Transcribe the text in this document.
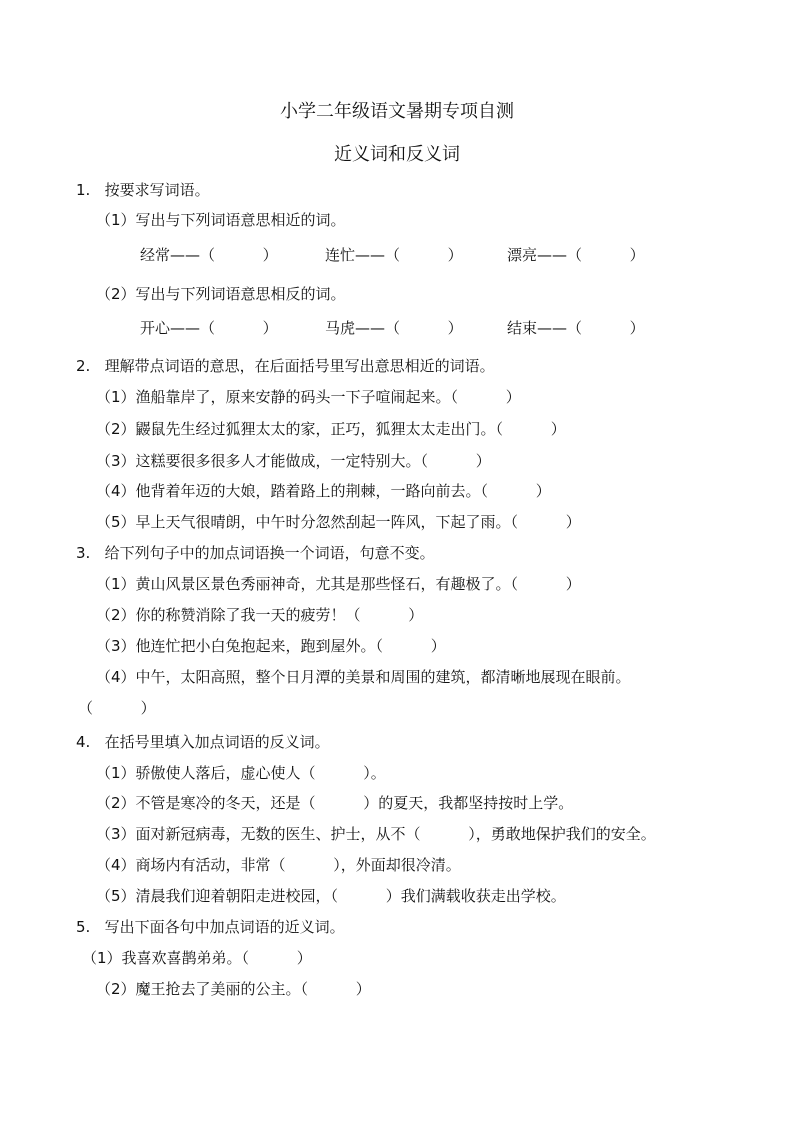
小学二年级语文暑期专项自测
近义词和反义词
1.   按要求写词语。
（1）写出与下列词语意思相近的词。
经常——（          ）	连忙——（          ）	漂亮——（          ）
（2）写出与下列词语意思相反的词。
开心——（          ）	马虎——（          ）	结束——（          ）
2.   理解带点词语的意思，在后面括号里写出意思相近的词语。
（1）渔船靠岸了，原来安静的码头一下子喧闹起来。（          ）
（2）鼹鼠先生经过狐狸太太的家，正巧，狐狸太太走出门。（          ）
（3）这糕要很多很多人才能做成，一定特别大。（          ）
（4）他背着年迈的大娘，踏着路上的荆棘，一路向前去。（          ）
（5）早上天气很晴朗，中午时分忽然刮起一阵风，下起了雨。（          ）
3.   给下列句子中的加点词语换一个词语，句意不变。
（1）黄山风景区景色秀丽神奇，尤其是那些怪石，有趣极了。（          ）
（2）你的称赞消除了我一天的疲劳！（          ）
（3）他连忙把小白兔抱起来，跑到屋外。（          ）
（4）中午，太阳高照，整个日月潭的美景和周围的建筑，都清晰地展现在眼前。
（          ）
4.   在括号里填入加点词语的反义词。
（1）骄傲使人落后，虚心使人（          ）。
（2）不管是寒冷的冬天，还是（          ）的夏天，我都坚持按时上学。
（3）面对新冠病毒，无数的医生、护士，从不（          ），勇敢地保护我们的安全。
（4）商场内有活动，非常（          ），外面却很冷清。
（5）清晨我们迎着朝阳走进校园，（          ）我们满载收获走出学校。
5.   写出下面各句中加点词语的近义词。
（1）我喜欢喜鹊弟弟。（          ）
（2）魔王抢去了美丽的公主。（          ）
